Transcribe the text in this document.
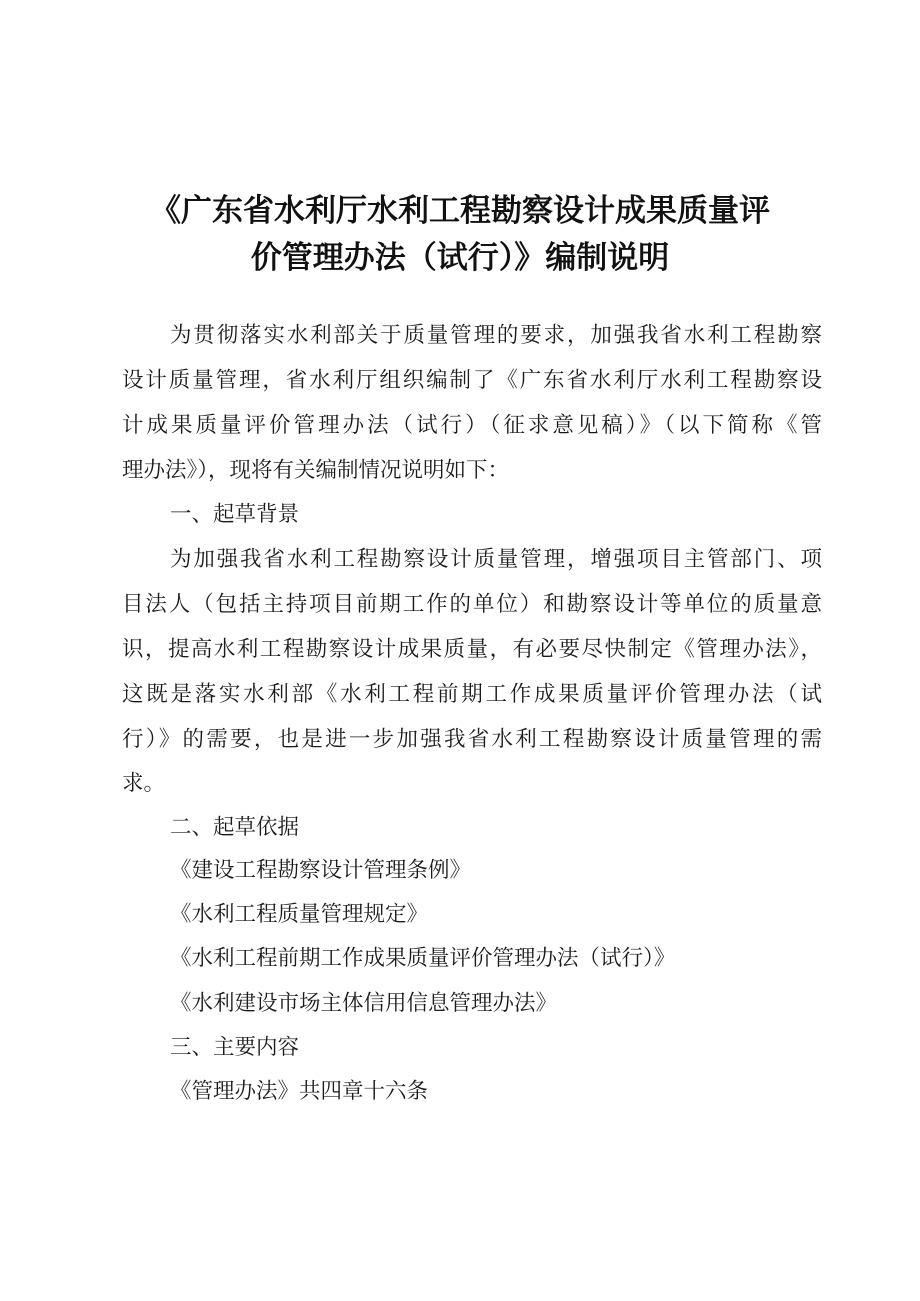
《广东省水利厅水利工程勘察设计成果质量评
价管理办法（试行）》编制说明
为贯彻落实水利部关于质量管理的要求，加强我省水利工程勘察
设计质量管理，省水利厅组织编制了《广东省水利厅水利工程勘察设
计成果质量评价管理办法（试行）（征求意见稿）》（以下简称《管
理办法》），现将有关编制情况说明如下：
一、起草背景
为加强我省水利工程勘察设计质量管理，增强项目主管部门、项
目法人（包括主持项目前期工作的单位）和勘察设计等单位的质量意
识，提高水利工程勘察设计成果质量，有必要尽快制定《管理办法》，
这既是落实水利部《水利工程前期工作成果质量评价管理办法（试
行）》的需要，也是进一步加强我省水利工程勘察设计质量管理的需
求。
二、起草依据
《建设工程勘察设计管理条例》
《水利工程质量管理规定》
《水利工程前期工作成果质量评价管理办法（试行）》
《水利建设市场主体信用信息管理办法》
三、主要内容
《管理办法》共四章十六条
